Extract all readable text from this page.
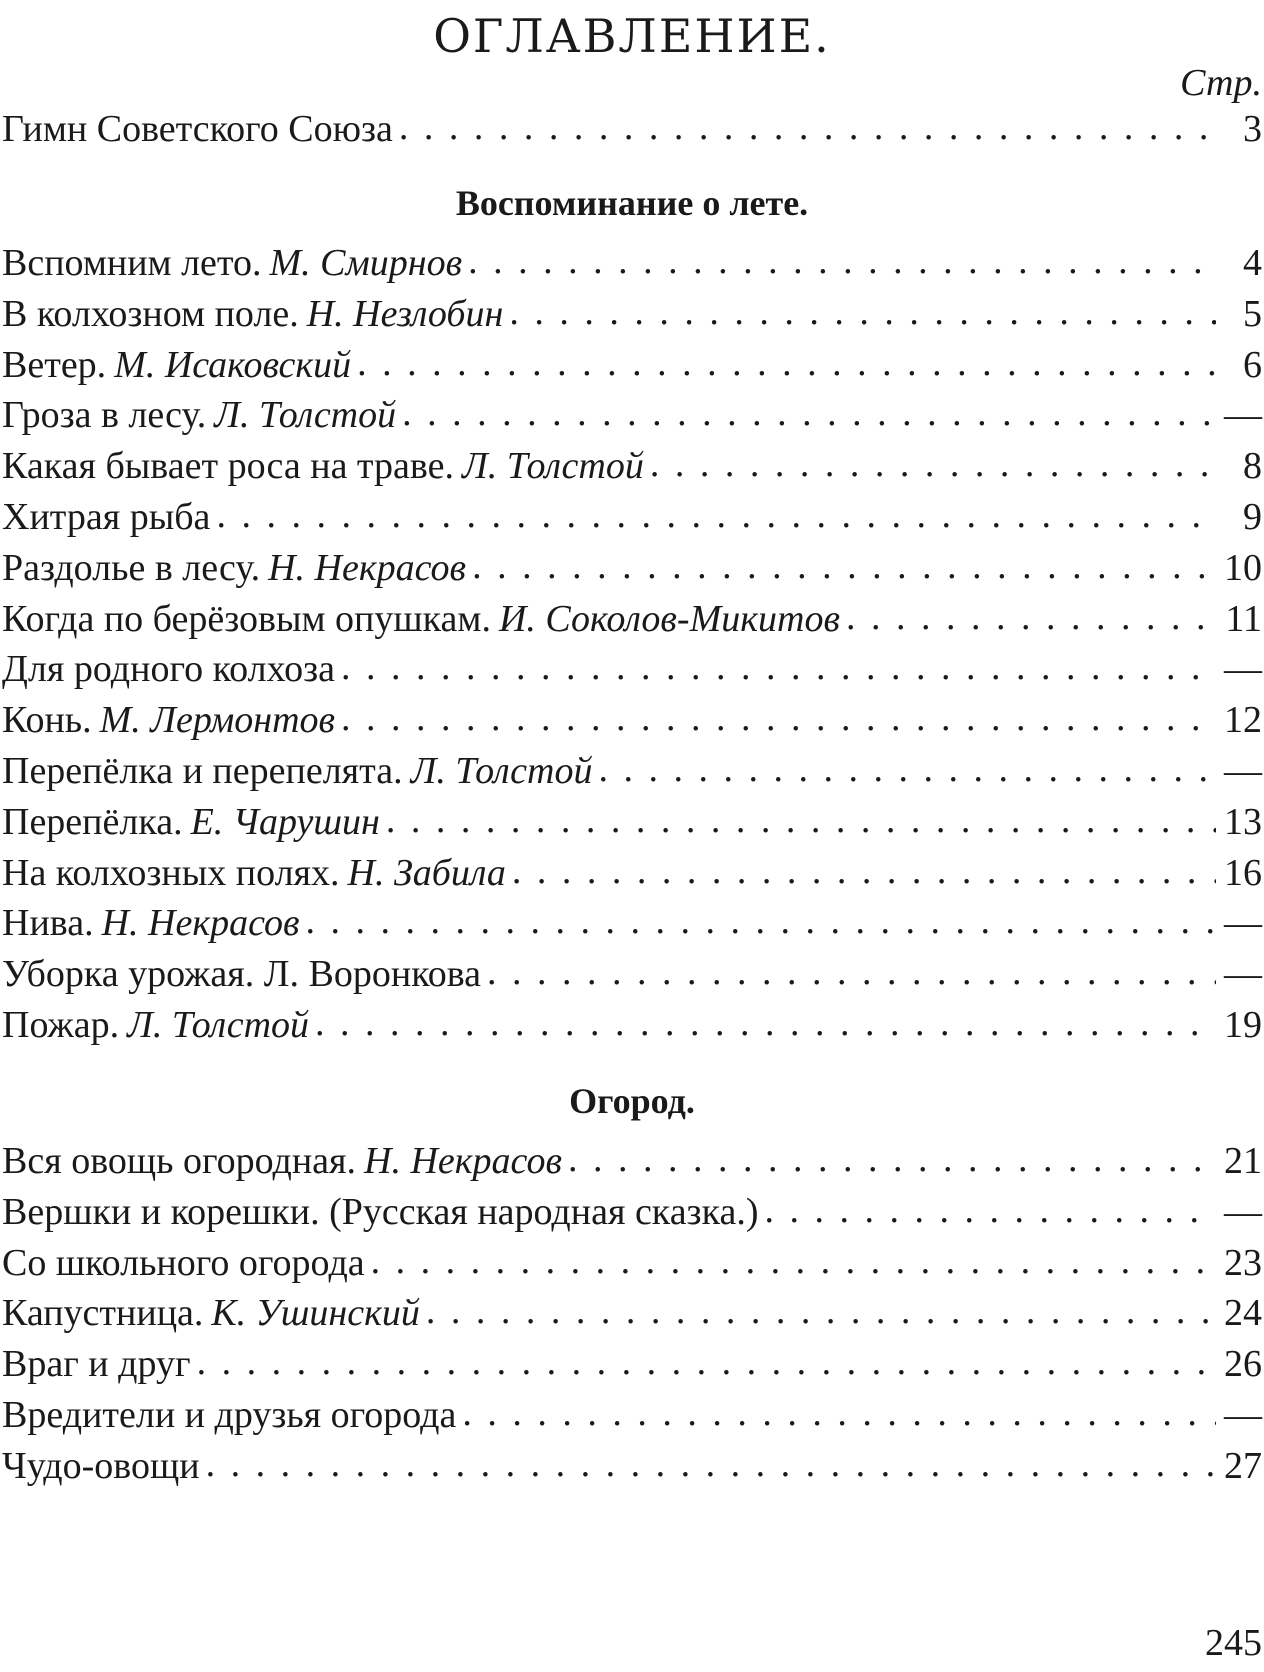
ОГЛАВЛЕНИЕ.
Стр.
Гимн Советского Союза . . .	3
Воспоминание о лете.
Вспомним лето. М. Смирнов . . .	4
В колхозном поле. Н. Незлобин . . .	5
Ветер. М. Исаковский . . .	6
Гроза в лесу. Л. Толстой . . .	—
Какая бывает роса на траве. Л. Толстой . . .	8
Хитрая рыба . . .	9
Раздолье в лесу. Н. Некрасов . . .	10
Когда по берёзовым опушкам. И. Соколов-Микитов . . .	11
Для родного колхоза . . .	—
Конь. М. Лермонтов . . .	12
Перепёлка и перепелята. Л. Толстой . . .	—
Перепёлка. Е. Чарушин . . .	13
На колхозных полях. Н. Забила . . .	16
Нива. Н. Некрасов . . .	—
Уборка урожая. Л. Воронкова . . .	—
Пожар. Л. Толстой . . .	19
Огород.
Вся овощь огородная. Н. Некрасов . . .	21
Вершки и корешки. (Русская народная сказка.) . . .	—
Со школьного огорода . . .	23
Капустница. К. Ушинский . . .	24
Враг и друг . . .	26
Вредители и друзья огорода . . .	—
Чудо-овощи . . .	27
245
